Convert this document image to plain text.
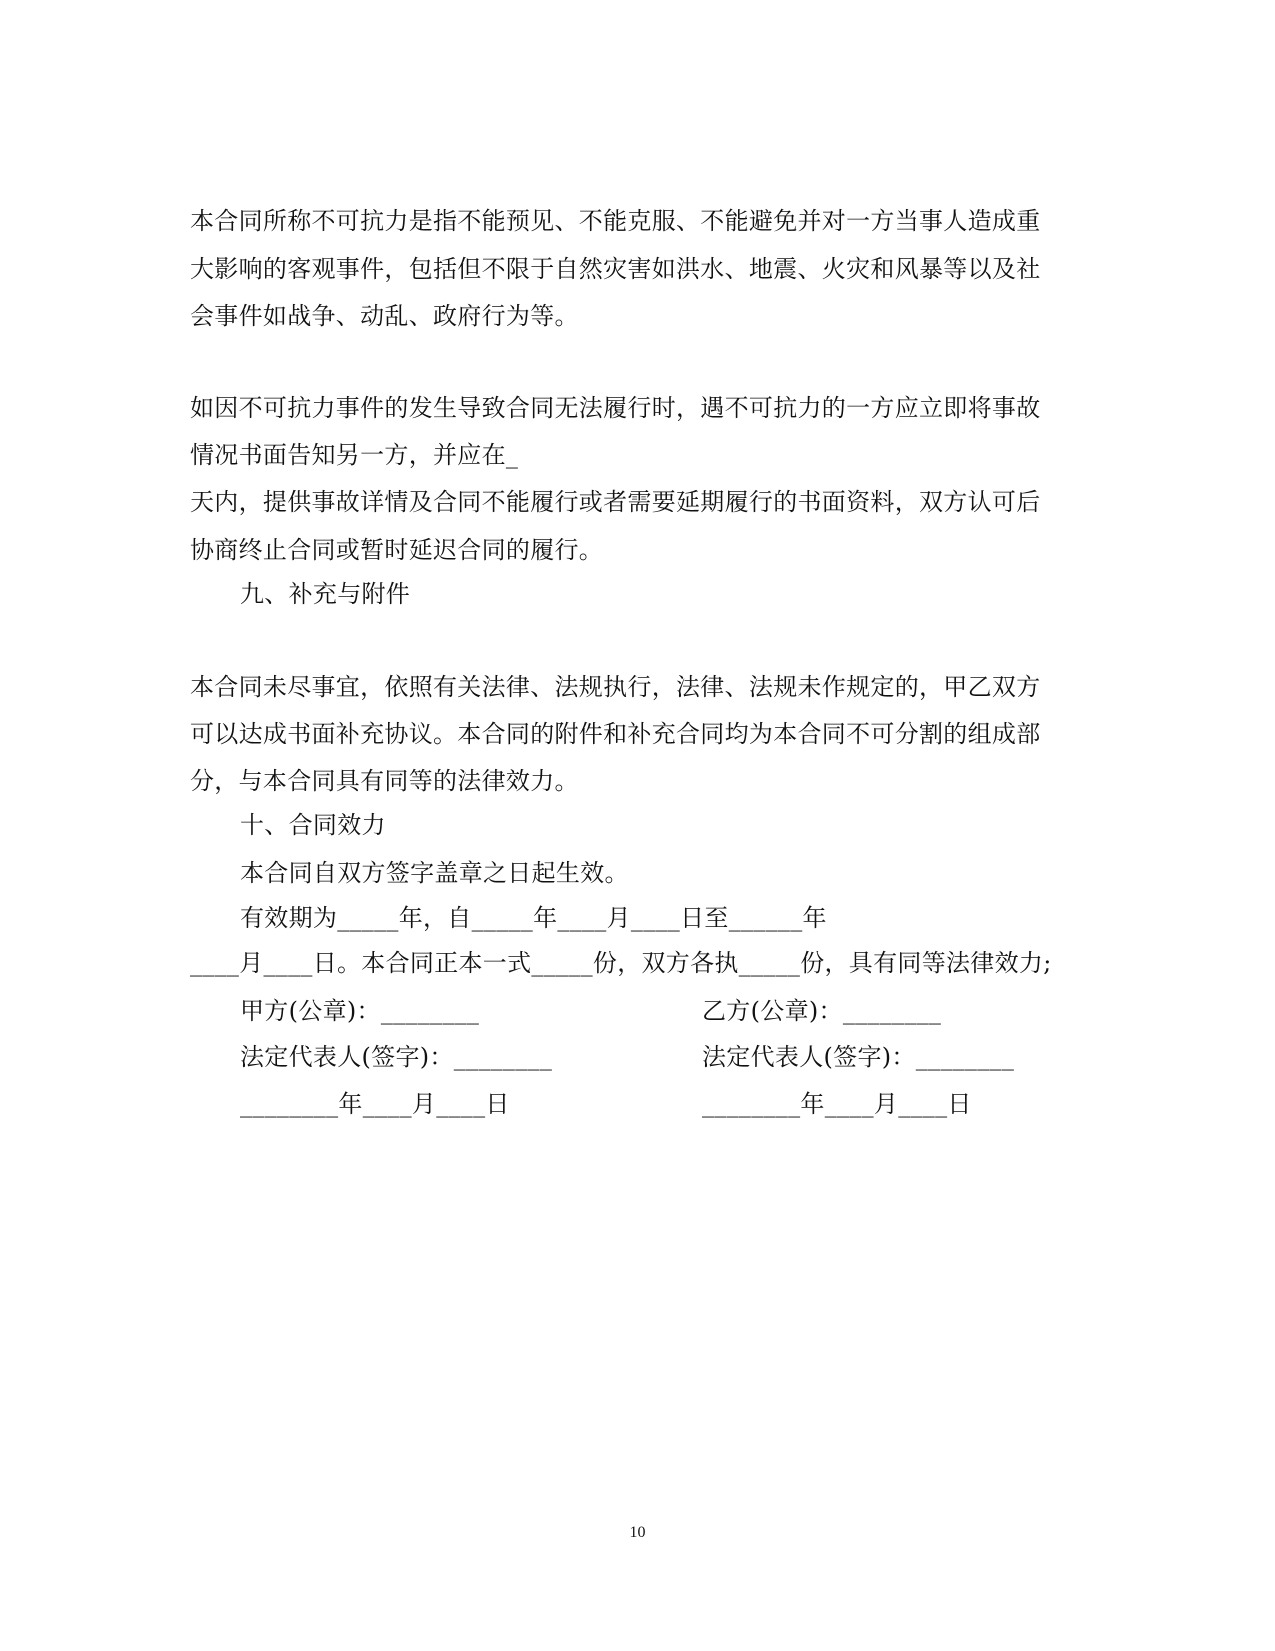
本合同所称不可抗力是指不能预见、不能克服、不能避免并对一方当事人造成重
大影响的客观事件，包括但不限于自然灾害如洪水、地震、火灾和风暴等以及社
会事件如战争、动乱、政府行为等。
如因不可抗力事件的发生导致合同无法履行时，遇不可抗力的一方应立即将事故
情况书面告知另一方，并应在_
天内，提供事故详情及合同不能履行或者需要延期履行的书面资料，双方认可后
协商终止合同或暂时延迟合同的履行。
九、补充与附件
本合同未尽事宜，依照有关法律、法规执行，法律、法规未作规定的，甲乙双方
可以达成书面补充协议。本合同的附件和补充合同均为本合同不可分割的组成部
分，与本合同具有同等的法律效力。
十、合同效力
本合同自双方签字盖章之日起生效。
有效期为_____年，自_____年____月____日至______年
____月____日。本合同正本一式_____份，双方各执_____份，具有同等法律效力;
甲方(公章)：________	乙方(公章)：________
法定代表人(签字)：________	法定代表人(签字)：________
________年____月____日	________年____月____日
10
